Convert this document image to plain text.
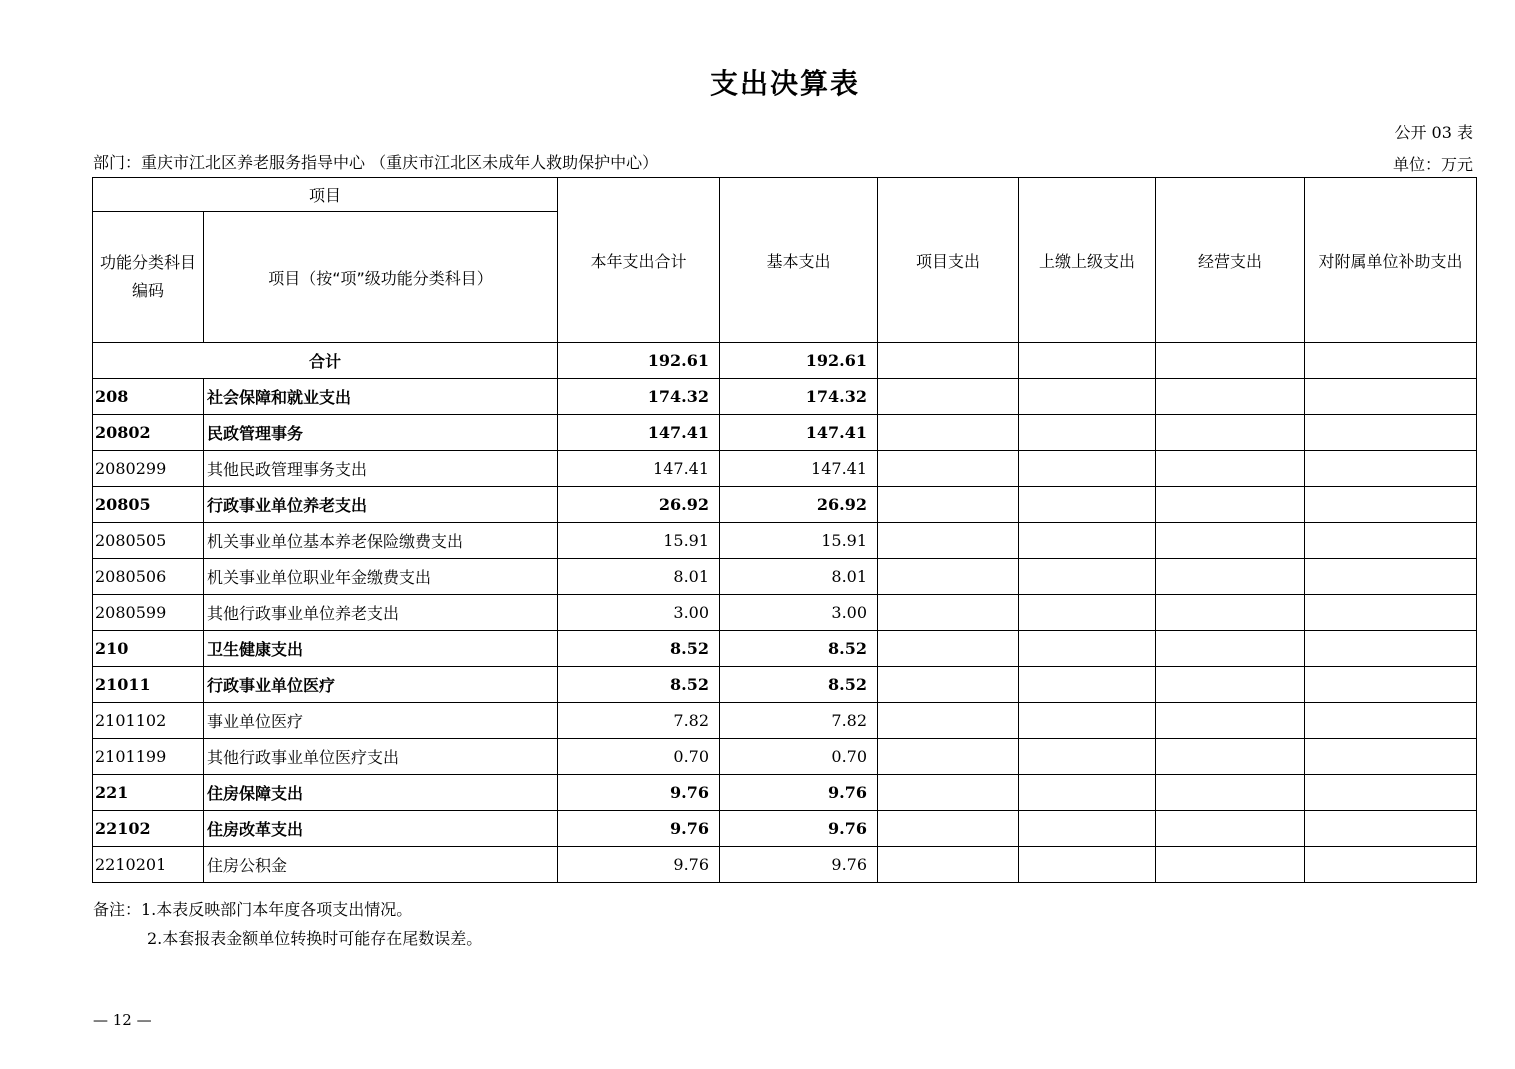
支出决算表
公开 03 表
部门：重庆市江北区养老服务指导中心 （重庆市江北区未成年人救助保护中心）	单位：万元
项目		本年支出合计	基本支出	项目支出	上缴上级支出	经营支出	对附属单位补助支出
功能分类科目编码	项目（按“项”级功能分类科目）						
合计		192.61	192.61				
208	社会保障和就业支出	174.32	174.32				
20802	民政管理事务	147.41	147.41				
2080299	其他民政管理事务支出	147.41	147.41				
20805	行政事业单位养老支出	26.92	26.92				
2080505	机关事业单位基本养老保险缴费支出	15.91	15.91				
2080506	机关事业单位职业年金缴费支出	8.01	8.01				
2080599	其他行政事业单位养老支出	3.00	3.00				
210	卫生健康支出	8.52	8.52				
21011	行政事业单位医疗	8.52	8.52				
2101102	事业单位医疗	7.82	7.82				
2101199	其他行政事业单位医疗支出	0.70	0.70				
221	住房保障支出	9.76	9.76				
22102	住房改革支出	9.76	9.76				
2210201	住房公积金	9.76	9.76				
备注：1.本表反映部门本年度各项支出情况。
2.本套报表金额单位转换时可能存在尾数误差。
— 12 —
